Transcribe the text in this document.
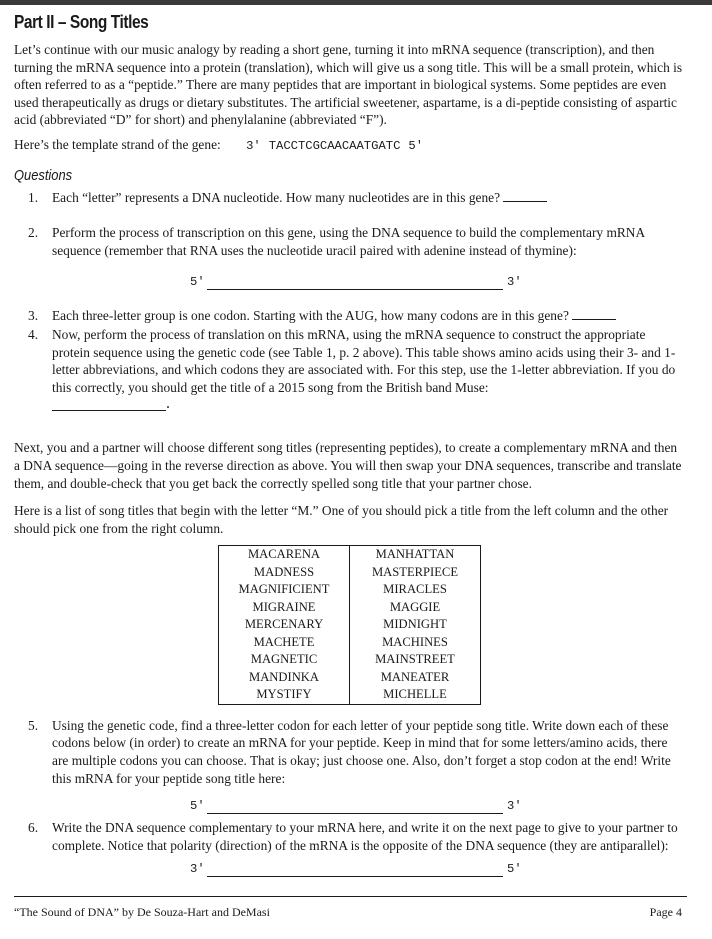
Part II – Song Titles

Let’s continue with our music analogy by reading a short gene, turning it into mRNA sequence (transcription), and then turning the mRNA sequence into a protein (translation), which will give us a song title. This will be a small protein, which is often referred to as a “peptide.” There are many peptides that are important in biological systems. Some peptides are even used therapeutically as drugs or dietary substitutes. The artificial sweetener, aspartame, is a di-peptide consisting of aspartic acid (abbreviated “D” for short) and phenylalanine (abbreviated “F”).

Here’s the template strand of the gene: 3′ TACCTCGCAACAATGATC 5′

Questions
1. Each “letter” represents a DNA nucleotide. How many nucleotides are in this gene?
2. Perform the process of transcription on this gene, using the DNA sequence to build the complementary mRNA sequence (remember that RNA uses the nucleotide uracil paired with adenine instead of thymine):
5′	3′
3. Each three-letter group is one codon. Starting with the AUG, how many codons are in this gene?
4. Now, perform the process of translation on this mRNA, using the mRNA sequence to construct the appropriate protein sequence using the genetic code (see Table 1, p. 2 above). This table shows amino acids using their 3- and 1-letter abbreviations, and which codons they are associated with. For this step, use the 1-letter abbreviation. If you do this correctly, you should get the title of a 2015 song from the British band Muse:
.

Next, you and a partner will choose different song titles (representing peptides), to create a complementary mRNA and then a DNA sequence—going in the reverse direction as above. You will then swap your DNA sequences, transcribe and translate them, and double-check that you get back the correctly spelled song title that your partner chose.

Here is a list of song titles that begin with the letter “M.” One of you should pick a title from the left column and the other should pick one from the right column.

MACARENA	MANHATTAN
MADNESS	MASTERPIECE
MAGNIFICIENT	MIRACLES
MIGRAINE	MAGGIE
MERCENARY	MIDNIGHT
MACHETE	MACHINES
MAGNETIC	MAINSTREET
MANDINKA	MANEATER
MYSTIFY	MICHELLE
5. Using the genetic code, find a three-letter codon for each letter of your peptide song title. Write down each of these codons below (in order) to create an mRNA for your peptide. Keep in mind that for some letters/amino acids, there are multiple codons you can choose. That is okay; just choose one. Also, don’t forget a stop codon at the end! Write this mRNA for your peptide song title here:
5′	3′
6. Write the DNA sequence complementary to your mRNA here, and write it on the next page to give to your partner to complete. Notice that polarity (direction) of the mRNA is the opposite of the DNA sequence (they are antiparallel):
3′	5′
“The Sound of DNA” by De Souza-Hart and DeMasi	Page 4
